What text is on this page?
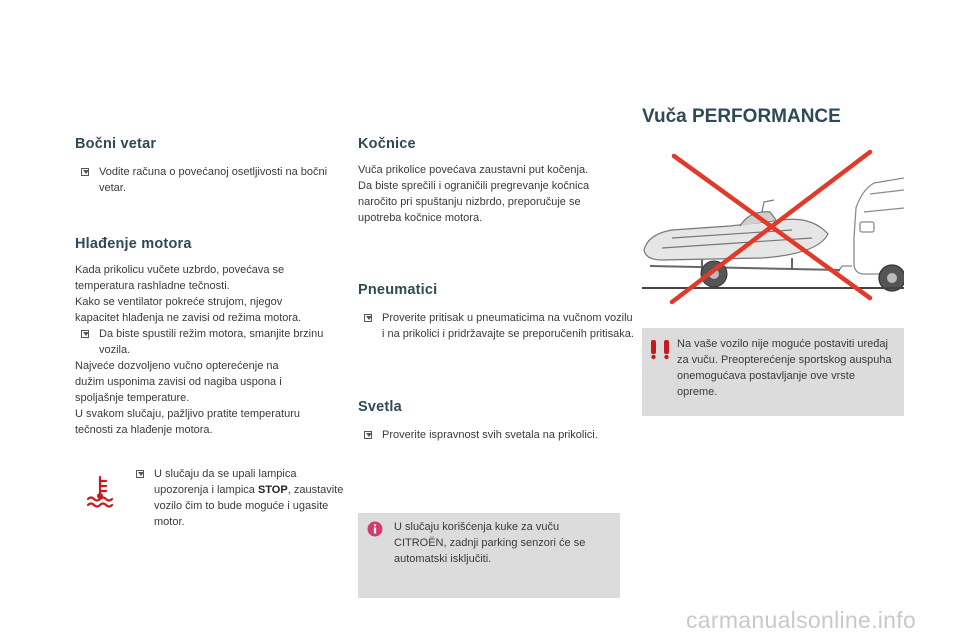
Bočni vetar
Vodite računa o povećanoj osetljivosti na bočni vetar.
Hlađenje motora
Kada prikolicu vučete uzbrdo, povećava se
temperatura rashladne tečnosti.
Kako se ventilator pokreće strujom, njegov
kapacitet hlađenja ne zavisi od režima motora.
Da biste spustili režim motora, smanjite brzinu vozila.
Najveće dozvoljeno vučno opterećenje na
dužim usponima zavisi od nagiba uspona i
spoljašnje temperature.
U svakom slučaju, pažljivo pratite temperaturu
tečnosti za hlađenje motora.
U slučaju da se upali lampica upozorenja i lampica STOP, zaustavite vozilo čim to bude moguće i ugasite motor.
Kočnice
Vuča prikolice povećava zaustavni put kočenja.
Da biste sprečili i ograničili pregrevanje kočnica
naročito pri spuštanju nizbrdo, preporučuje se
upotreba kočnice motora.
Pneumatici
Proverite pritisak u pneumaticima na vučnom vozilu i na prikolici i pridržavajte se preporučenih pritisaka.
Svetla
Proverite ispravnost svih svetala na prikolici.
U slučaju korišćenja kuke za vuču CITROËN, zadnji parking senzori će se automatski isključiti.
Vuča PERFORMANCE
Na vaše vozilo nije moguće postaviti uređaj za vuču. Preopterećenje sportskog auspuha onemogućava postavljanje ove vrste opreme.
carmanualsonline.info
